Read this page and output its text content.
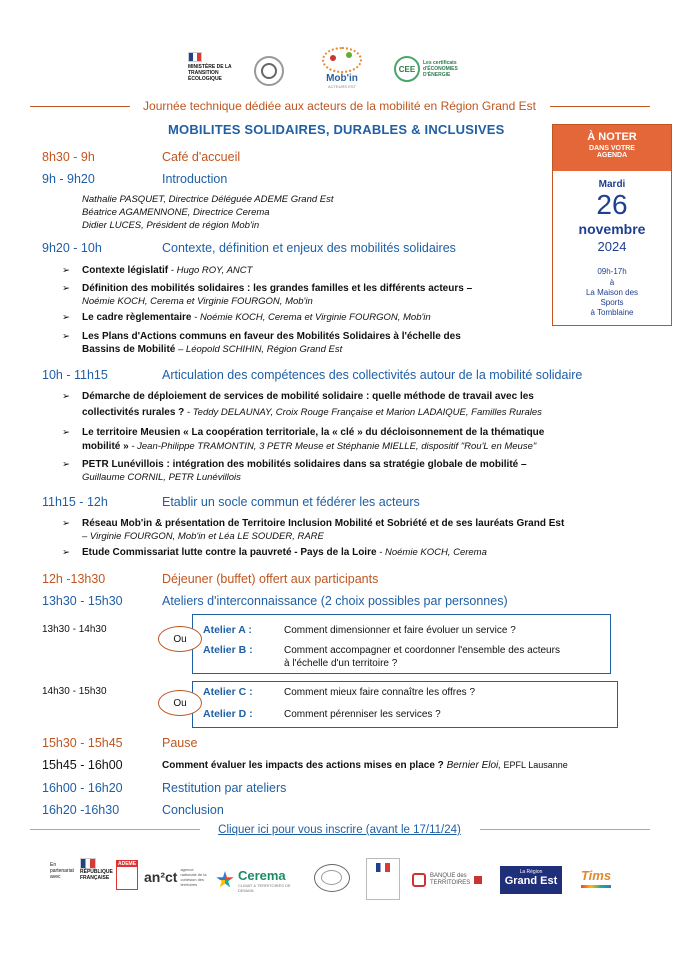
MINISTÈRE DE LA TRANSITION ÉCOLOGIQUE	Mob'in
ACTEURS EST
CEE
Les certificats d'ÉCONOMIES D'ÉNERGIE
Journée technique dédiée aux acteurs de la mobilité en Région Grand Est
MOBILITES SOLIDAIRES, DURABLES & INCLUSIVES	À NOTER
DANS VOTRE
AGENDA
Mardi
26
novembre
2024
09h-17h
à
La Maison des
Sports
à Tomblaine
8h30 - 9h	Café d'accueil
9h - 9h20	Introduction
Nathalie PASQUET, Directrice Déléguée ADEME Grand Est
Béatrice AGAMENNONE, Directrice Cerema
Didier LUCES, Président de région Mob'in
9h20 - 10h	Contexte, définition et enjeux des mobilités solidaires
➢ Contexte législatif - Hugo ROY, ANCT
➢ Définition des mobilités solidaires : les grandes familles et les différents acteurs –
Noémie KOCH, Cerema et Virginie FOURGON, Mob'in
➢ Le cadre règlementaire - Noémie KOCH, Cerema et Virginie FOURGON, Mob'in
➢ Les Plans d'Actions communs en faveur des Mobilités Solidaires à l'échelle des
Bassins de Mobilité – Léopold SCHIHIN, Région Grand Est
10h - 11h15	Articulation des compétences des collectivités autour de la mobilité solidaire
➢ Démarche de déploiement de services de mobilité solidaire : quelle méthode de travail avec les
collectivités rurales ? - Teddy DELAUNAY, Croix Rouge Française et Marion LADAIQUE, Familles Rurales
➢ Le territoire Meusien « La coopération territoriale, la « clé » du décloisonnement de la thématique
mobilité » - Jean-Philippe TRAMONTIN, 3 PETR Meuse et Stéphanie MIELLE, dispositif "Rou'L en Meuse"
➢ PETR Lunévillois : intégration des mobilités solidaires dans sa stratégie globale de mobilité –
Guillaume CORNIL, PETR Lunévillois
11h15 - 12h	Etablir un socle commun et fédérer les acteurs
➢ Réseau Mob'in & présentation de Territoire Inclusion Mobilité et Sobriété et de ses lauréats Grand Est
– Virginie FOURGON, Mob'in et Léa LE SOUDER, RARE
➢ Etude Commissariat lutte contre la pauvreté - Pays de la Loire - Noémie KOCH, Cerema
12h -13h30	Déjeuner (buffet) offert aux participants
13h30 - 15h30	Ateliers d'interconnaissance (2 choix possibles par personnes)
13h30 - 14h30
Ou
Atelier A :	Comment dimensionner et faire évoluer un service ?
Atelier B :	Comment accompagner et coordonner l'ensemble des acteurs
à l'échelle d'un territoire ?
14h30 - 15h30
Ou
Atelier C :	Comment mieux faire connaître les offres ?
Atelier D :	Comment pérenniser les services ?
15h30 - 15h45	Pause
15h45 - 16h00	Comment évaluer les impacts des actions mises en place ? Bernier Eloi, EPFL Lausanne
16h00 - 16h20	Restitution par ateliers
16h20 -16h30	Conclusion
Cliquer ici pour vous inscrire (avant le 17/11/24)
En partenariat avec
RÉPUBLIQUE FRANÇAISE
ADEME
an²ct agence nationale de la cohésion des territoires
Cerema
CLIMAT & TERRITOIRES DE DEMAIN
BANQUE des TERRITOIRES
La Région
Grand Est	Tims
